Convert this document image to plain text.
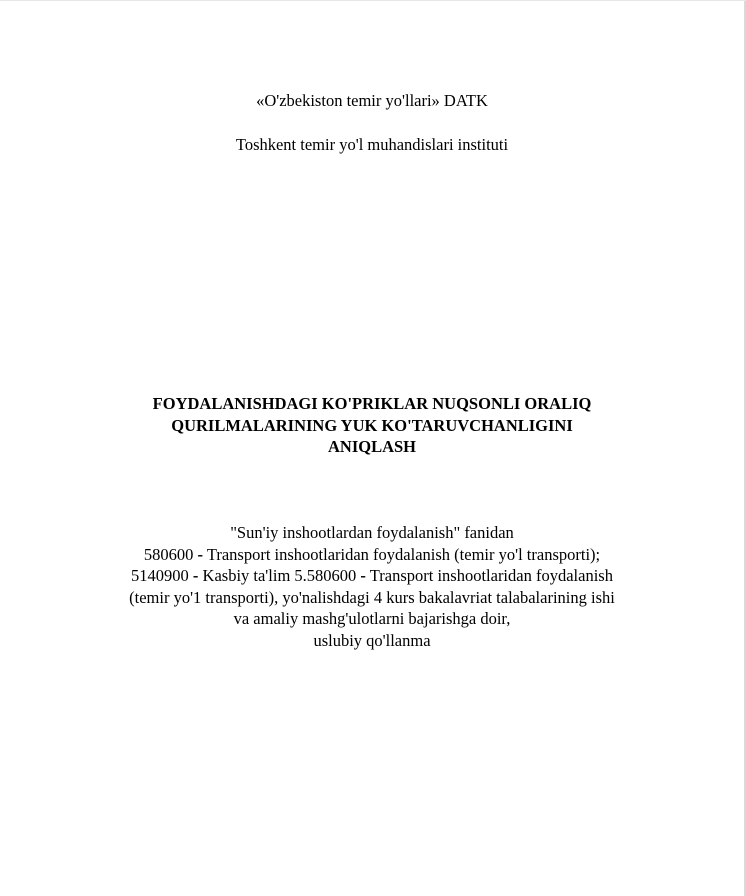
«O'zbekiston temir yo'llari» DATK
Toshkent temir yo'l muhandislari instituti
FOYDALANISHDAGI KO'PRIKLAR NUQSONLI ORALIQ
QURILMALARINING YUK KO'TARUVCHANLIGINI
ANIQLASH
"Sun'iy inshootlardan foydalanish" fanidan
580600 - Transport inshootlaridan foydalanish (temir yo'l transporti);
5140900 - Kasbiy ta'lim 5.580600 - Transport inshootlaridan foydalanish
(temir yo'1 transporti), yo'nalishdagi 4 kurs bakalavriat talabalarining ishi
va amaliy mashg'ulotlarni bajarishga doir,
uslubiy qo'llanma
